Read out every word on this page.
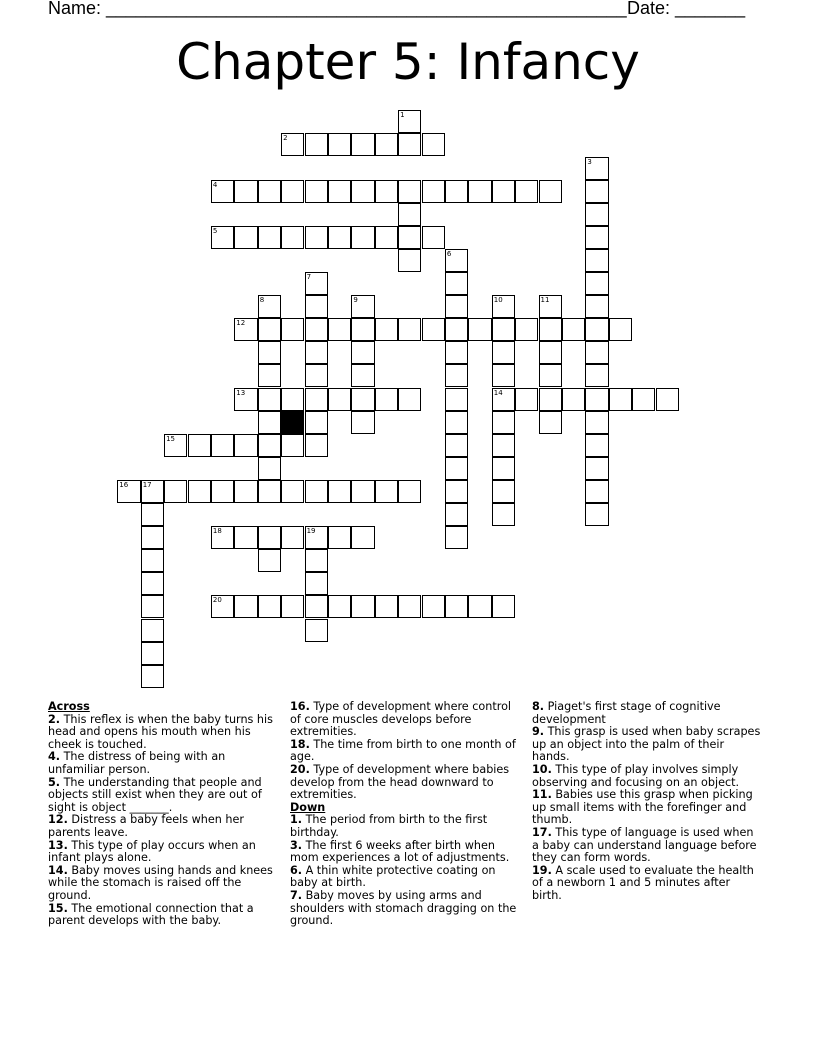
Name: ____________________________________________________ Date: _______
Chapter 5: Infancy
1
2
3
4
5
6
7
8	9	10	11
12
13	14
15
16 17
18	19
20

Across

2. This reflex is when the baby turns his head and opens his mouth when his cheek is touched.

4. The distress of being with an unfamiliar person.

5. The understanding that people and objects still exist when they are out of sight is object _______.

12. Distress a baby feels when her parents leave.

13. This type of play occurs when an infant plays alone.

14. Baby moves using hands and knees while the stomach is raised off the ground.

15. The emotional connection that a parent develops with the baby.

16. Type of development where control of core muscles develops before extremities.

18. The time from birth to one month of age.

20. Type of development where babies develop from the head downward to extremities.

Down

1. The period from birth to the first birthday.

3. The first 6 weeks after birth when mom experiences a lot of adjustments.

6. A thin white protective coating on baby at birth.

7. Baby moves by using arms and shoulders with stomach dragging on the ground.

8. Piaget's first stage of cognitive development

9. This grasp is used when baby scrapes up an object into the palm of their hands.

10. This type of play involves simply observing and focusing on an object.

11. Babies use this grasp when picking up small items with the forefinger and thumb.

17. This type of language is used when a baby can understand language before they can form words.

19. A scale used to evaluate the health of a newborn 1 and 5 minutes after birth.
